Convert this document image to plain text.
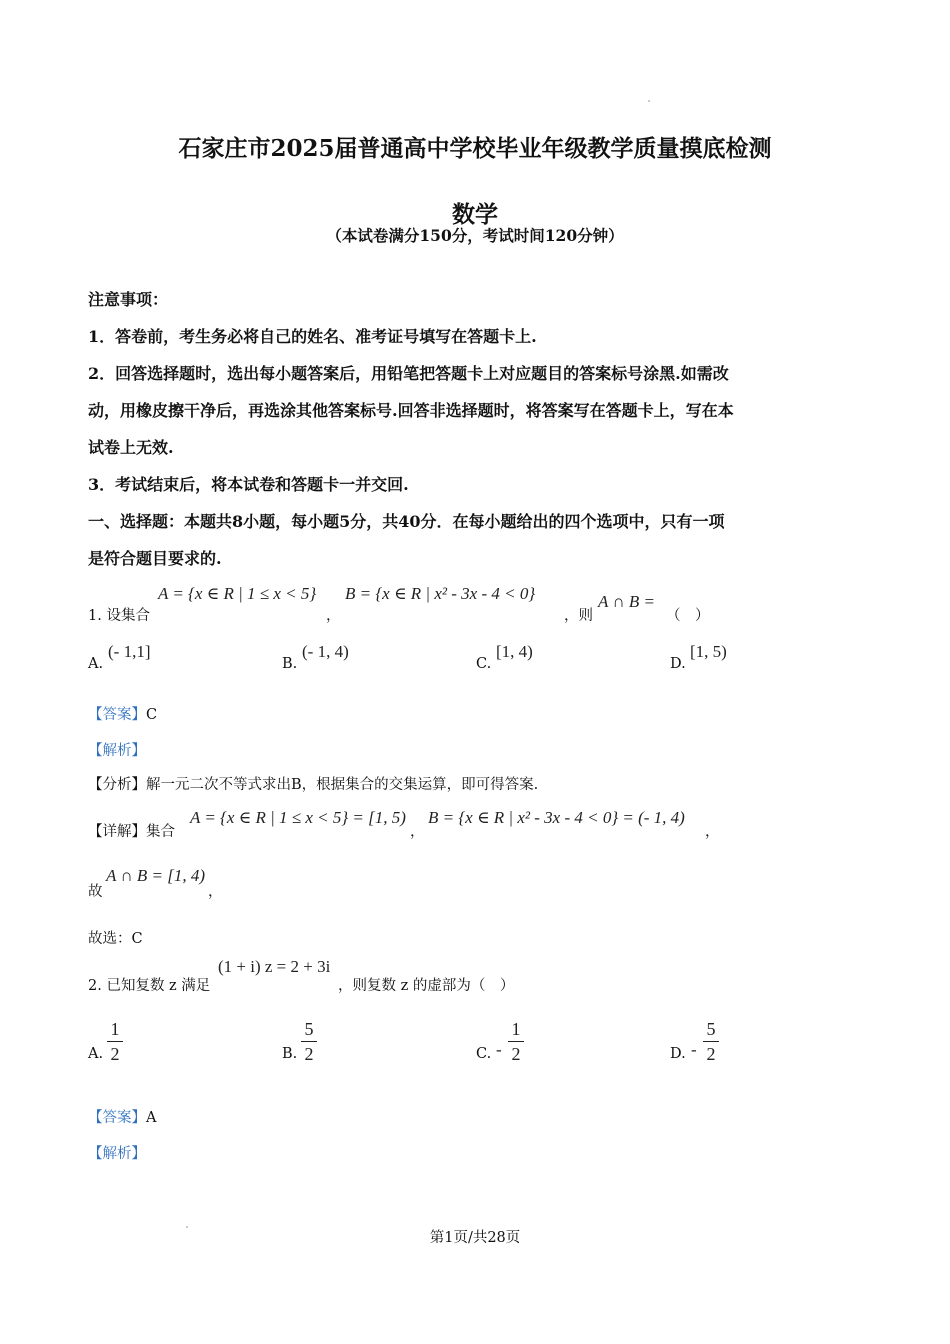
石家庄市2025届普通高中学校毕业年级教学质量摸底检测
数学
（本试卷满分150分，考试时间120分钟）
注意事项：
1．答卷前，考生务必将自己的姓名、准考证号填写在答题卡上.
2．回答选择题时，选出每小题答案后，用铅笔把答题卡上对应题目的答案标号涂黑.如需改
动，用橡皮擦干净后，再选涂其他答案标号.回答非选择题时，将答案写在答题卡上，写在本
试卷上无效.
3．考试结束后，将本试卷和答题卡一并交回.
一、选择题：本题共8小题，每小题5分，共40分．在每小题给出的四个选项中，只有一项
是符合题目要求的.
1. 设集合
A = {x ∈ R | 1 ≤ x < 5}
，
B = {x ∈ R | x² - 3x - 4 < 0}
，则
A ∩ B =
（　）
A.
(- 1,1]
B.
(- 1, 4)
C.
[1, 4)
D.
[1, 5)
【答案】C
【解析】
【分析】解一元二次不等式求出B，根据集合的交集运算，即可得答案.
【详解】集合
A = {x ∈ R | 1 ≤ x < 5} = [1, 5)
，
B = {x ∈ R | x² - 3x - 4 < 0} = (- 1, 4)
，
故
A ∩ B = [1, 4)
，
故选：C
2. 已知复数 z 满足
(1 + i) z = 2 + 3i
，则复数 z 的虚部为（　）
A.
1
2	B.
5
2	C. -
1
2	D. -
5
2
【答案】A
【解析】
第1页/共28页
